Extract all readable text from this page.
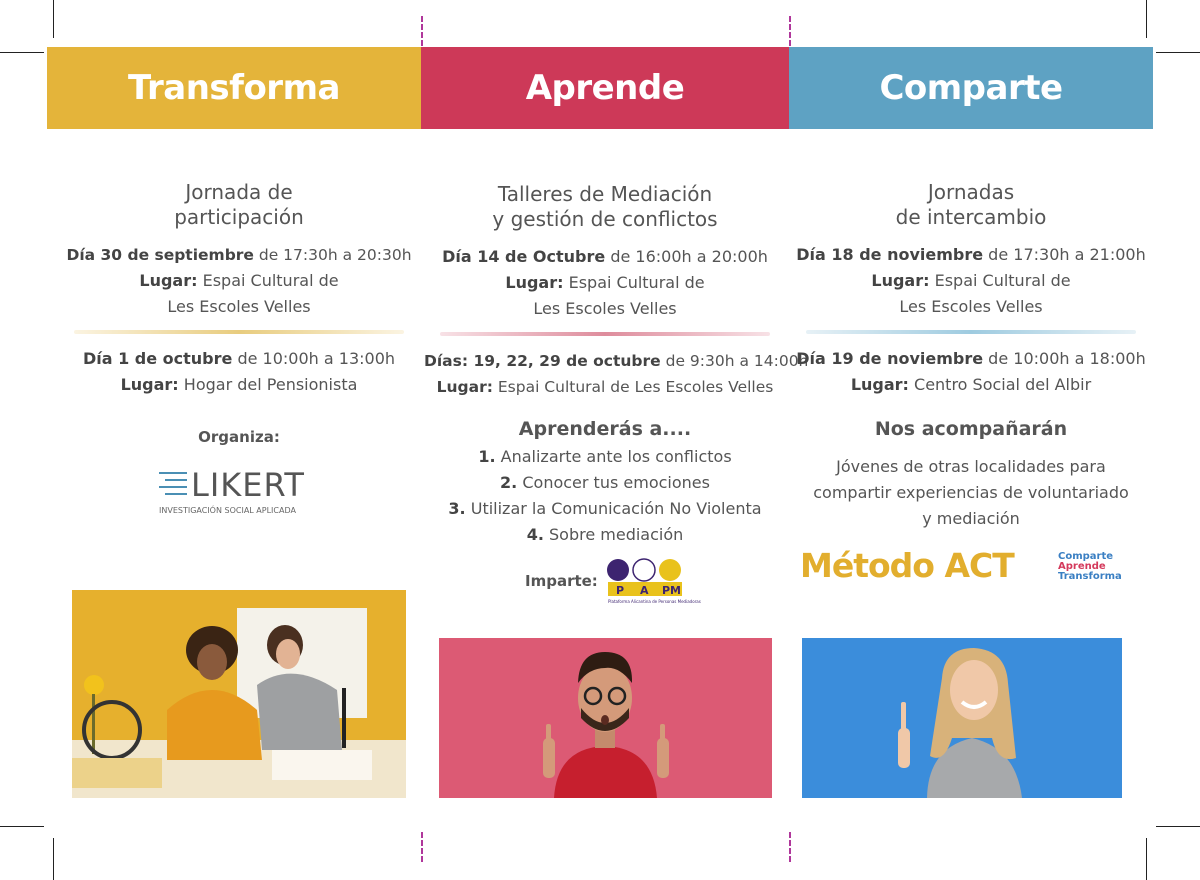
Transforma	Aprende	Comparte
Jornada de
participación
Día 30 de septiembre de 17:30h a 20:30h
Lugar: Espai Cultural de
Les Escoles Velles
Día 1 de octubre de 10:00h a 13:00h
Lugar: Hogar del Pensionista
Organiza:
LIKERT
INVESTIGACIÓN SOCIAL APLICADA
Talleres de Mediación
y gestión de conflictos
Día 14 de Octubre de 16:00h a 20:00h
Lugar: Espai Cultural de
Les Escoles Velles
Días: 19, 22, 29 de octubre de 9:30h a 14:00h
Lugar: Espai Cultural de Les Escoles Velles
Aprenderás a....
1. Analizarte ante los conflictos
2. Conocer tus emociones
3. Utilizar la Comunicación No Violenta
4. Sobre mediación
Imparte:
P A PM
Plataforma Alicantina de Personas Mediadoras
Jornadas
de intercambio
Día 18 de noviembre de 17:30h a 21:00h
Lugar: Espai Cultural de
Les Escoles Velles
Día 19 de noviembre de 10:00h a 18:00h
Lugar: Centro Social del Albir
Nos acompañarán
Jóvenes de otras localidades para
compartir experiencias de voluntariado
y mediación
Método ACT	Comparte
Aprende
Transforma
